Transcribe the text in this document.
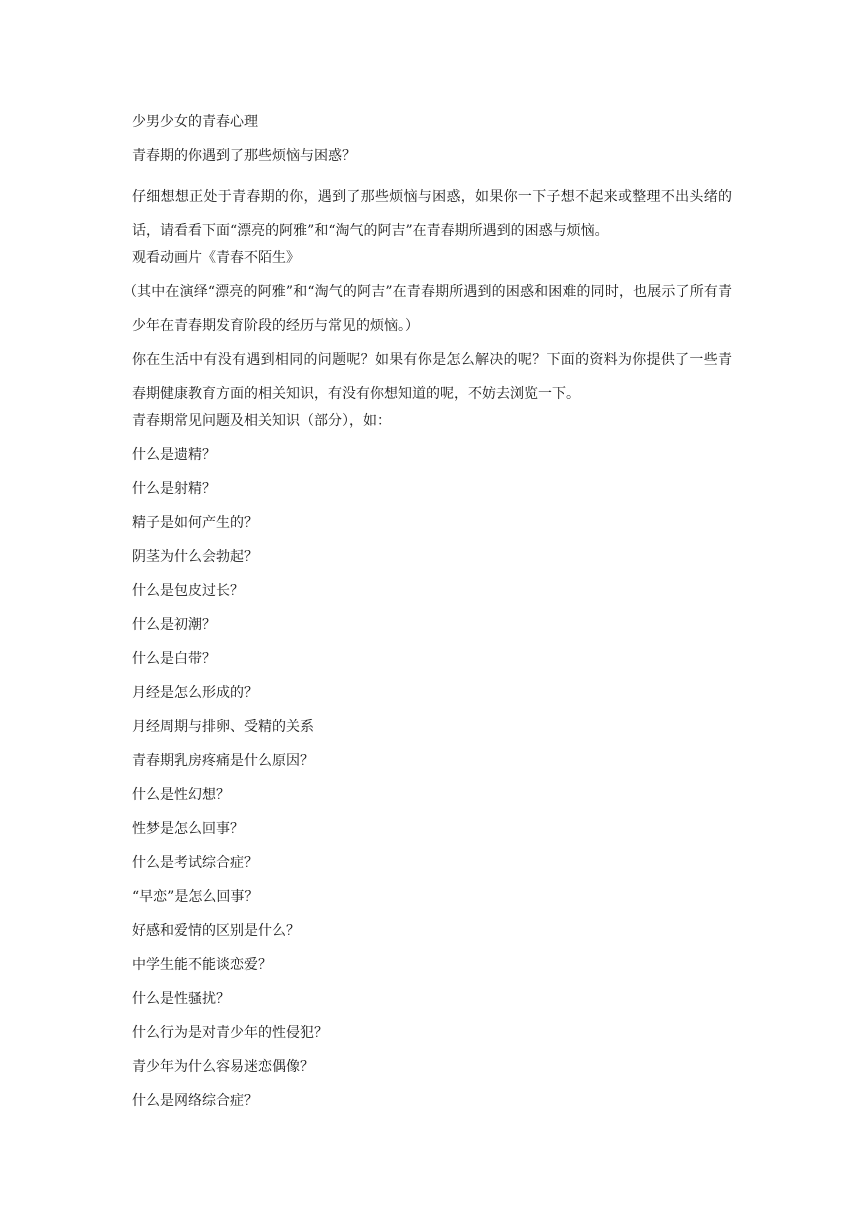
少男少女的青春心理
青春期的你遇到了那些烦恼与困惑？
仔细想想正处于青春期的你，遇到了那些烦恼与困惑，如果你一下子想不起来或整理不出头绪的话，请看看下面“漂亮的阿雅”和“淘气的阿吉”在青春期所遇到的困惑与烦恼。
观看动画片《青春不陌生》
（其中在演绎“漂亮的阿雅”和“淘气的阿吉”在青春期所遇到的困惑和困难的同时，也展示了所有青少年在青春期发育阶段的经历与常见的烦恼。）
你在生活中有没有遇到相同的问题呢？如果有你是怎么解决的呢？下面的资料为你提供了一些青春期健康教育方面的相关知识，有没有你想知道的呢，不妨去浏览一下。
青春期常见问题及相关知识（部分），如：
什么是遗精？
什么是射精？
精子是如何产生的？
阴茎为什么会勃起？
什么是包皮过长？
什么是初潮？
什么是白带？
月经是怎么形成的？
月经周期与排卵、受精的关系
青春期乳房疼痛是什么原因？
什么是性幻想？
性梦是怎么回事？
什么是考试综合症？
“早恋”是怎么回事？
好感和爱情的区别是什么？
中学生能不能谈恋爱？
什么是性骚扰？
什么行为是对青少年的性侵犯？
青少年为什么容易迷恋偶像？
什么是网络综合症？
